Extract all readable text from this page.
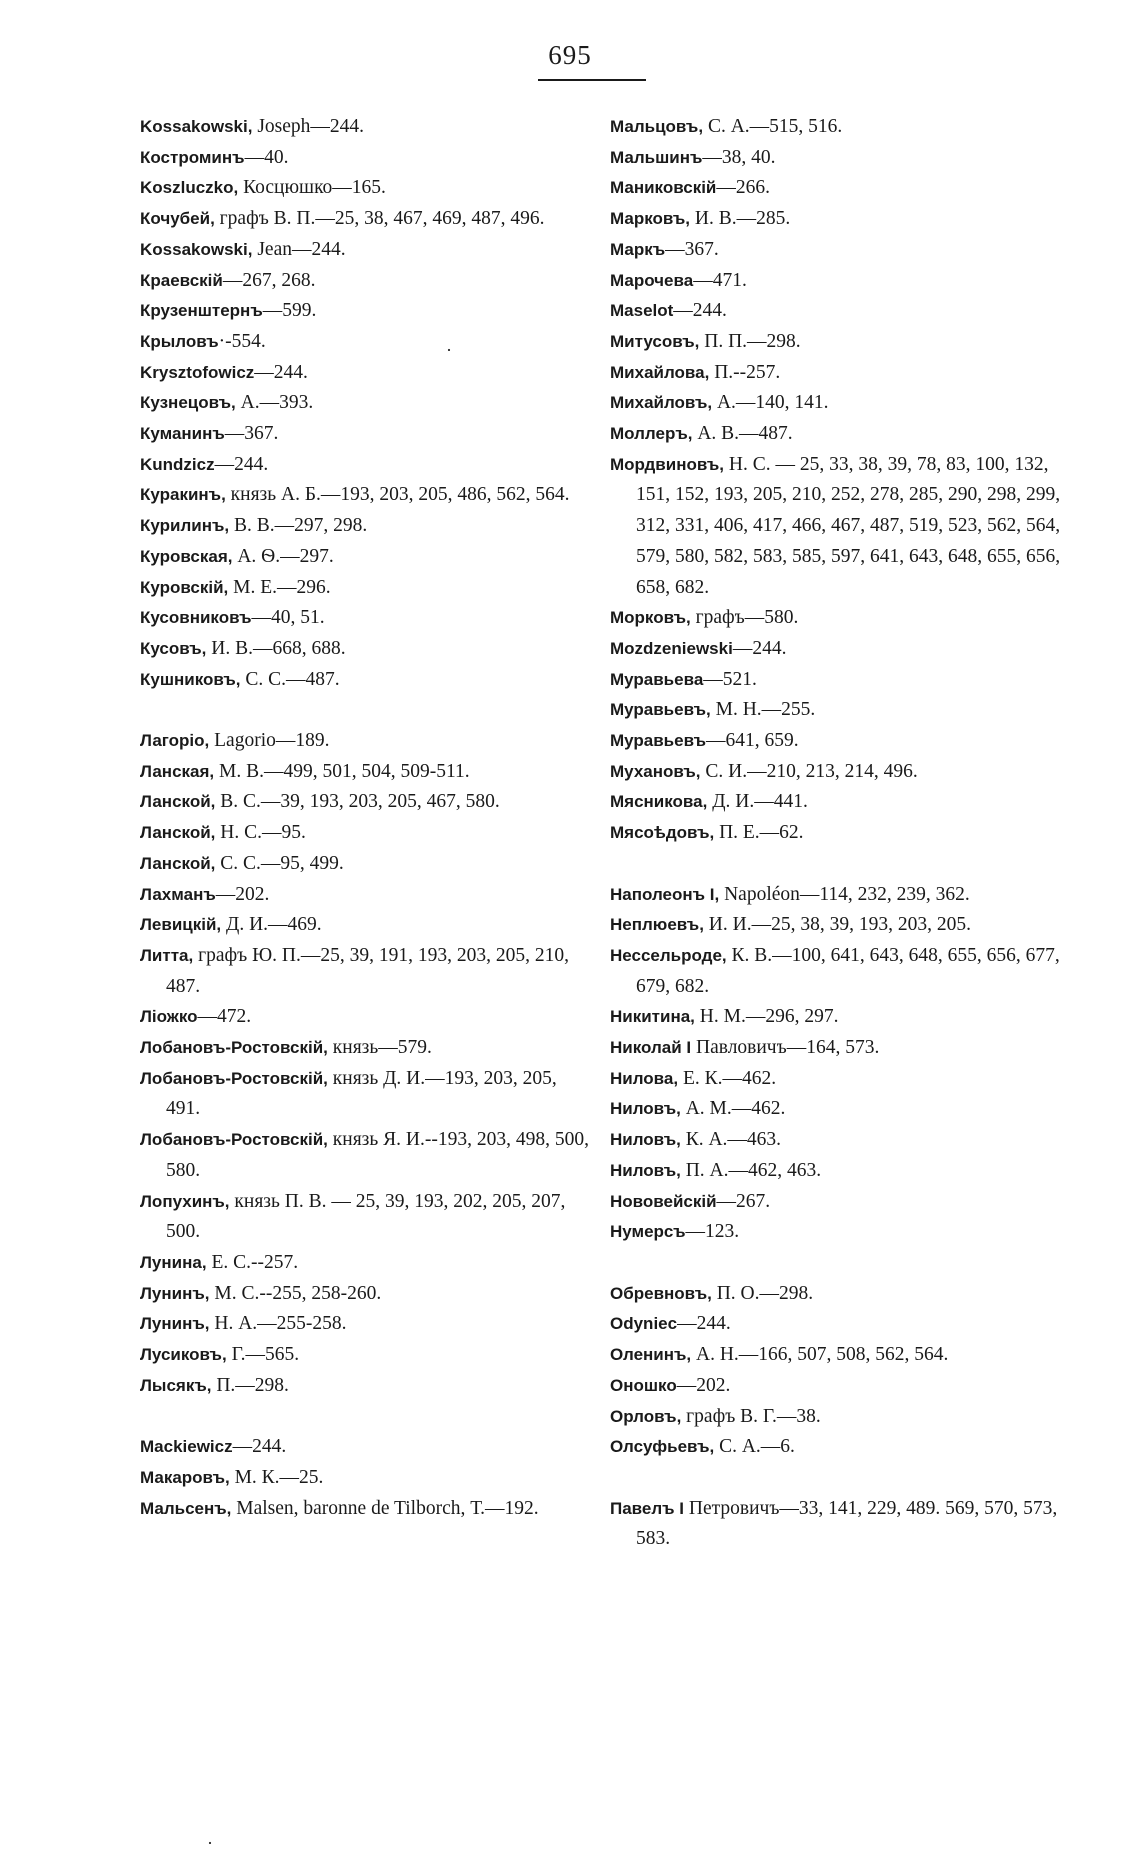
695
Kossakowski, Joseph—244.
Костроминъ—40.
Koszluczko, Косцюшко—165.
Кочубей, графъ В. П.—25, 38, 467, 469, 487, 496.
Kossakowski, Jean—244.
Краевскій—267, 268.
Крузенштернъ—599.
Крыловъ·-554.
Krysztofowicz—244.
Кузнецовъ, А.—393.
Куманинъ—367.
Kundzicz—244.
Куракинъ, князь А. Б.—193, 203, 205, 486, 562, 564.
Курилинъ, В. В.—297, 298.
Куровская, А. Ѳ.—297.
Куровскій, М. Е.—296.
Кусовниковъ—40, 51.
Кусовъ, И. В.—668, 688.
Кушниковъ, С. С.—487.
Лагоріо, Lagorio—189.
Ланская, М. В.—499, 501, 504, 509-511.
Ланской, В. С.—39, 193, 203, 205, 467, 580.
Ланской, Н. С.—95.
Ланской, С. С.—95, 499.
Лахманъ—202.
Левицкій, Д. И.—469.
Литта, графъ Ю. П.—25, 39, 191, 193, 203, 205, 210, 487.
Ліожко—472.
Лобановъ-Ростовскій, князь—579.
Лобановъ-Ростовскій, князь Д. И.—193, 203, 205, 491.
Лобановъ-Ростовскій, князь Я. И.--193, 203, 498, 500, 580.
Лопухинъ, князь П. В. — 25, 39, 193, 202, 205, 207, 500.
Лунина, Е. С.--257.
Лунинъ, М. С.--255, 258-260.
Лунинъ, Н. А.—255-258.
Лусиковъ, Г.—565.
Лысякъ, П.—298.
Mackiewicz—244.
Макаровъ, М. К.—25.
Мальсенъ, Malsen, baronne de Tilborch, Т.—192.
Мальцовъ, С. А.—515, 516.
Мальшинъ—38, 40.
Маниковскій—266.
Марковъ, И. В.—285.
Маркъ—367.
Марочева—471.
Maselot—244.
Митусовъ, П. П.—298.
Михайлова, П.--257.
Михайловъ, А.—140, 141.
Моллеръ, А. В.—487.
Мордвиновъ, Н. С. — 25, 33, 38, 39, 78, 83, 100, 132, 151, 152, 193, 205, 210, 252, 278, 285, 290, 298, 299, 312, 331, 406, 417, 466, 467, 487, 519, 523, 562, 564, 579, 580, 582, 583, 585, 597, 641, 643, 648, 655, 656, 658, 682.
Морковъ, графъ—580.
Mozdzeniewski—244.
Муравьева—521.
Муравьевъ, М. Н.—255.
Муравьевъ—641, 659.
Мухановъ, С. И.—210, 213, 214, 496.
Мясникова, Д. И.—441.
Мясоѣдовъ, П. Е.—62.
Наполеонъ I, Napoléon—114, 232, 239, 362.
Неплюевъ, И. И.—25, 38, 39, 193, 203, 205.
Нессельроде, К. В.—100, 641, 643, 648, 655, 656, 677, 679, 682.
Никитина, Н. М.—296, 297.
Николай I Павловичъ—164, 573.
Нилова, Е. К.—462.
Ниловъ, А. М.—462.
Ниловъ, К. А.—463.
Ниловъ, П. А.—462, 463.
Нововейскій—267.
Нумерсъ—123.
Обревновъ, П. О.—298.
Odyniec—244.
Оленинъ, А. Н.—166, 507, 508, 562, 564.
Оношко—202.
Орловъ, графъ В. Г.—38.
Олсуфьевъ, С. А.—6.
Павелъ I Петровичъ—33, 141, 229, 489. 569, 570, 573, 583.
·
·
